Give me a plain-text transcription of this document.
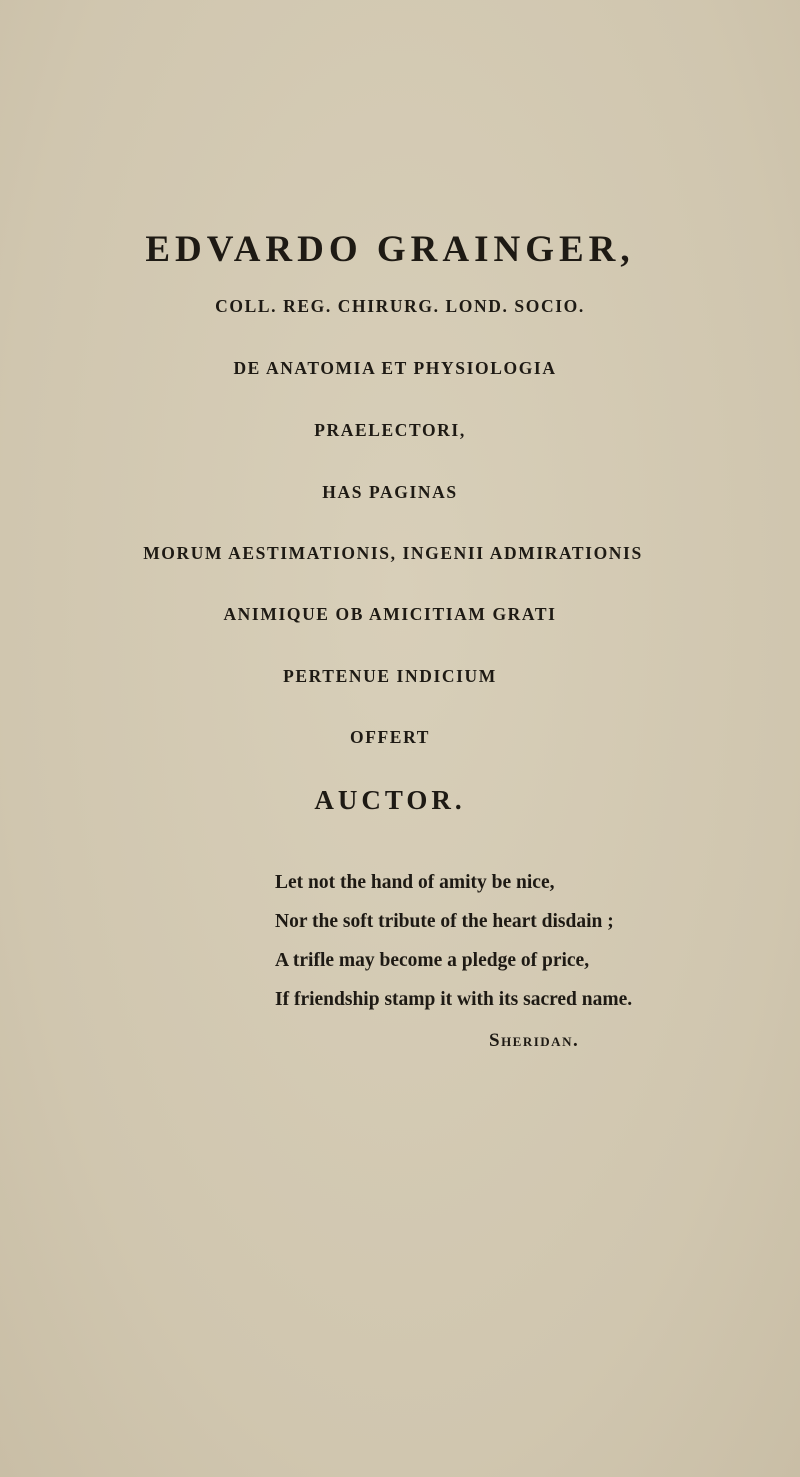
EDVARDO GRAINGER,
COLL. REG. CHIRURG. LOND. SOCIO.
DE ANATOMIA ET PHYSIOLOGIA
PRAELECTORI,
HAS PAGINAS
MORUM AESTIMATIONIS, INGENII ADMIRATIONIS
ANIMIQUE OB AMICITIAM GRATI
PERTENUE INDICIUM
OFFERT
AUCTOR.
Let not the hand of amity be nice,
Nor the soft tribute of the heart disdain ;
A trifle may become a pledge of price,
If friendship stamp it with its sacred name.
Sheridan.
